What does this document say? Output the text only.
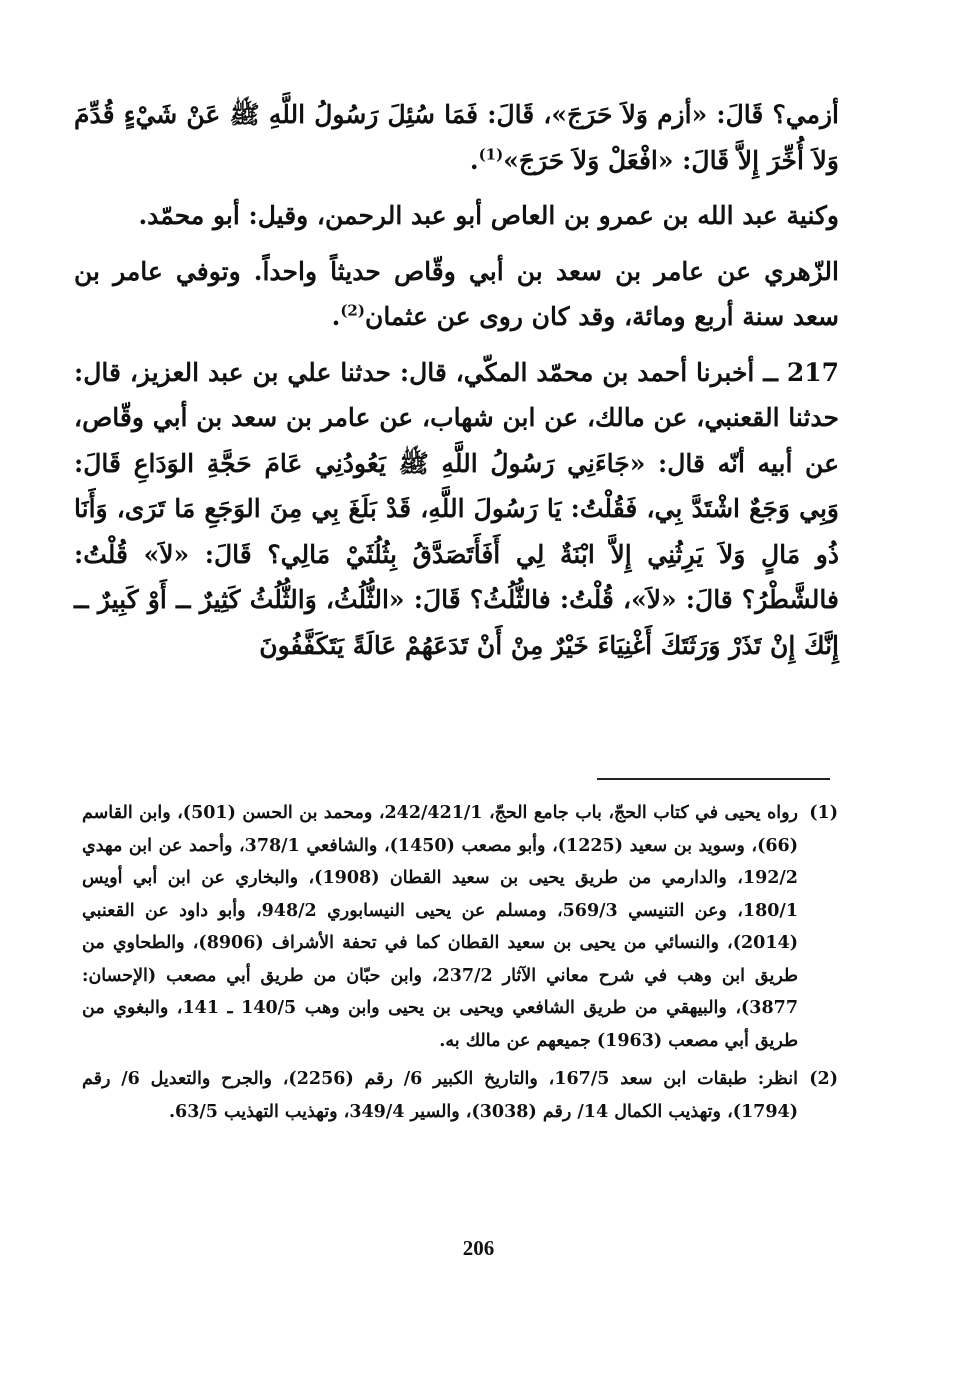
أزمي؟ قَالَ: «أزم وَلاَ حَرَجَ»، قَالَ: فَمَا سُئِلَ رَسُولُ اللَّهِ ﷺ عَنْ شَيْءٍ قُدِّمَ وَلاَ أُخِّرَ إِلاَّ قَالَ: «افْعَلْ وَلاَ حَرَجَ»$^{(1)}$.

وكنية عبد الله بن عمرو بن العاص أبو عبد الرحمن، وقيل: أبو محمّد.

الزّهري عن عامر بن سعد بن أبي وقّاص حديثاً واحداً. وتوفي عامر بن سعد سنة أربع ومائة، وقد كان روى عن عثمان$^{(2)}$.

217 ــ أخبرنا أحمد بن محمّد المكّي، قال: حدثنا علي بن عبد العزيز، قال: حدثنا القعنبي، عن مالك، عن ابن شهاب، عن عامر بن سعد بن أبي وقّاص، عن أبيه أنّه قال: «جَاءَنِي رَسُولُ اللَّهِ ﷺ يَعُودُنِي عَامَ حَجَّةِ الوَدَاعِ قَالَ: وَبِي وَجَعٌ اشْتَدَّ بِي، فَقُلْتُ: يَا رَسُولَ اللَّهِ، قَدْ بَلَغَ بِي مِنَ الوَجَعِ مَا تَرَى، وَأَنَا ذُو مَالٍ وَلاَ يَرِثُنِي إِلاَّ ابْنَةٌ لِي أَفَأَتَصَدَّقُ بِثُلُثَيْ مَالِي؟ قَالَ: «لاَ» قُلْتُ: فالشَّطْرُ؟ قالَ: «لاَ»، قُلْتُ: فالثُّلُثُ؟ قَالَ: «الثُّلُثُ، وَالثُّلُثُ كَثِيرٌ ــ أَوْ كَبِيرٌ ــ إِنَّكَ إِنْ تَذَرْ وَرَثَتَكَ أَغْنِيَاءَ خَيْرٌ مِنْ أَنْ تَدَعَهُمْ عَالَةً يَتَكَفَّفُونَ

(1)
رواه يحيى في كتاب الحجّ، باب جامع الحجّ، 242/421/1، ومحمد بن الحسن (501)، وابن القاسم (66)، وسويد بن سعيد (1225)، وأبو مصعب (1450)، والشافعي 378/1، وأحمد عن ابن مهدي 192/2، والدارمي من طريق يحيى بن سعيد القطان (1908)، والبخاري عن ابن أبي أويس 180/1، وعن التنيسي 569/3، ومسلم عن يحيى النيسابوري 948/2، وأبو داود عن القعنبي (2014)، والنسائي من يحيى بن سعيد القطان كما في تحفة الأشراف (8906)، والطحاوي من طريق ابن وهب في شرح معاني الآثار 237/2، وابن حبّان من طريق أبي مصعب (الإحسان: 3877)، والبيهقي من طريق الشافعي ويحيى بن يحيى وابن وهب 140/5 ـ 141، والبغوي من طريق أبي مصعب (1963) جميعهم عن مالك به.
(2)
انظر: طبقات ابن سعد 167/5، والتاريخ الكبير 6/ رقم (2256)، والجرح والتعديل 6/ رقم (1794)، وتهذيب الكمال 14/ رقم (3038)، والسير 349/4، وتهذيب التهذيب 63/5.
206
